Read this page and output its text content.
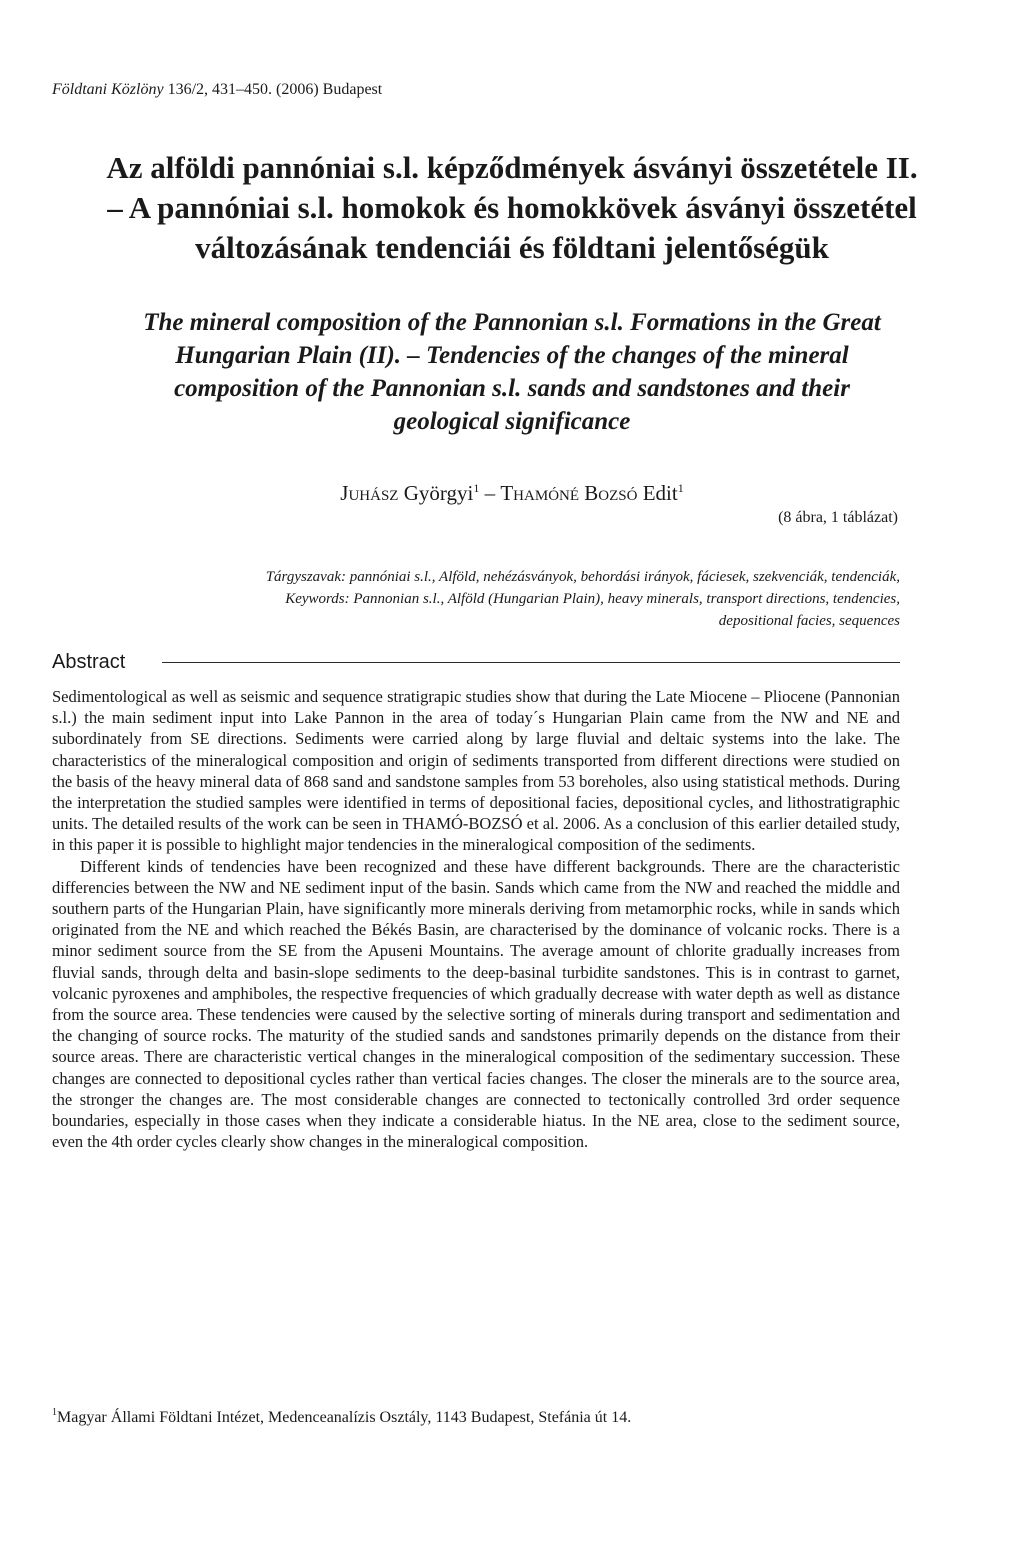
Földtani Közlöny 136/2, 431–450. (2006) Budapest
Az alföldi pannóniai s.l. képződmények ásványi összetétele II. – A pannóniai s.l. homokok és homokkövek ásványi összetétel változásának tendenciái és földtani jelentőségük
The mineral composition of the Pannonian s.l. Formations in the Great Hungarian Plain (II). – Tendencies of the changes of the mineral composition of the Pannonian s.l. sands and sandstones and their geological significance
Juhász Györgyi$^1$ – Thamóné Bozsó Edit$^1$
(8 ábra, 1 táblázat)
Tárgyszavak: pannóniai s.l., Alföld, nehézásványok, behordási irányok, fáciesek, szekvenciák, tendenciák,
Keywords: Pannonian s.l., Alföld (Hungarian Plain), heavy minerals, transport directions, tendencies,
depositional facies, sequences
Abstract

Sedimentological as well as seismic and sequence stratigrapic studies show that during the Late Miocene – Pliocene (Pannonian s.l.) the main sediment input into Lake Pannon in the area of today´s Hungarian Plain came from the NW and NE and subordinately from SE directions. Sediments were carried along by large fluvial and deltaic systems into the lake. The characteristics of the mineralogical composition and origin of sediments transported from different directions were studied on the basis of the heavy mineral data of 868 sand and sandstone samples from 53 boreholes, also using statistical methods. During the interpretation the studied samples were identified in terms of depositional facies, depositional cycles, and lithostratigraphic units. The detailed results of the work can be seen in THAMÓ-BOZSÓ et al. 2006. As a conclusion of this earlier detailed study, in this paper it is possible to highlight major tendencies in the mineralogical composition of the sediments.

Different kinds of tendencies have been recognized and these have different backgrounds. There are the characteristic differencies between the NW and NE sediment input of the basin. Sands which came from the NW and reached the middle and southern parts of the Hungarian Plain, have significantly more minerals deriving from metamorphic rocks, while in sands which originated from the NE and which reached the Békés Basin, are characterised by the dominance of volcanic rocks. There is a minor sediment source from the SE from the Apuseni Mountains. The average amount of chlorite gradually increases from fluvial sands, through delta and basin-slope sediments to the deep-basinal turbidite sandstones. This is in contrast to garnet, volcanic pyroxenes and amphiboles, the respective frequencies of which gradually decrease with water depth as well as distance from the source area. These tendencies were caused by the selective sorting of minerals during transport and sedimentation and the changing of source rocks. The maturity of the studied sands and sandstones primarily depends on the distance from their source areas. There are characteristic vertical changes in the mineralogical composition of the sedimentary succession. These changes are connected to depositional cycles rather than vertical facies changes. The closer the minerals are to the source area, the stronger the changes are. The most considerable changes are connected to tectonically controlled 3rd order sequence boundaries, especially in those cases when they indicate a considerable hiatus. In the NE area, close to the sediment source, even the 4th order cycles clearly show changes in the mineralogical composition.

$^1$Magyar Állami Földtani Intézet, Medenceanalízis Osztály, 1143 Budapest, Stefánia út 14.
